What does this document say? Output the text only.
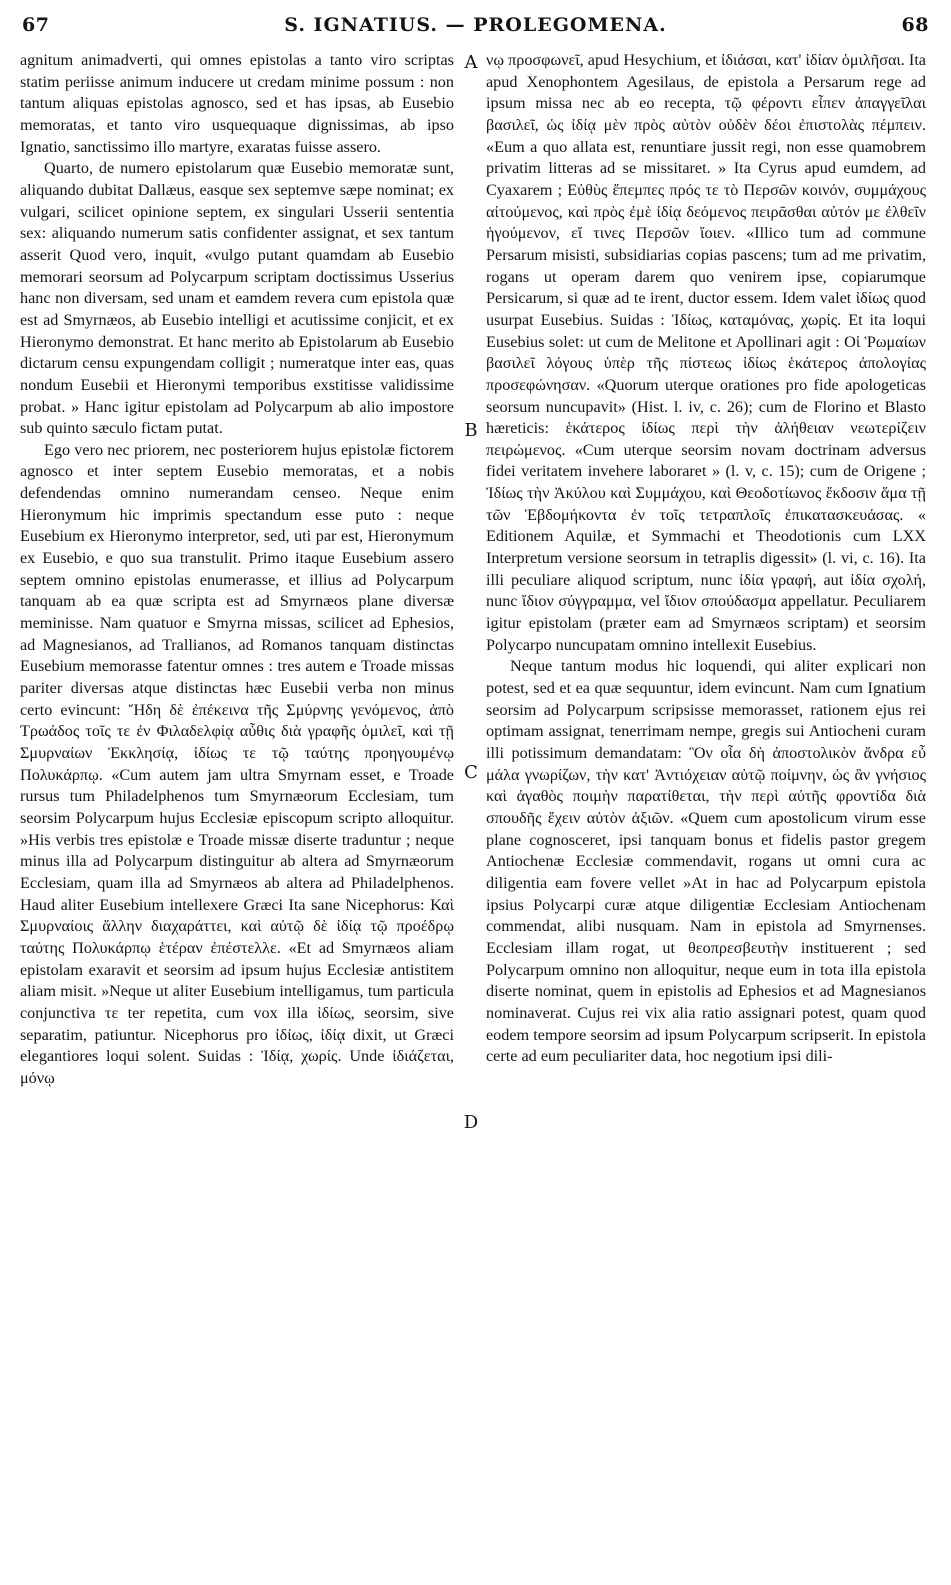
67	S. IGNATIUS. — PROLEGOMENA.	68

agnitum animadverti, qui omnes epistolas a tanto viro scriptas statim periisse animum inducere ut credam minime possum : non tantum aliquas epistolas agnosco, sed et has ipsas, ab Eusebio memoratas, et tanto viro usquequaque dignissimas, ab ipso Ignatio, sanctissimo illo martyre, exaratas fuisse assero.

Quarto, de numero epistolarum quæ Eusebio memoratæ sunt, aliquando dubitat Dallæus, easque sex septemve sæpe nominat; ex vulgari, scilicet opinione septem, ex singulari Usserii sententia sex: aliquando numerum satis confidenter assignat, et sex tantum asserit Quod vero, inquit, «vulgo putant quamdam ab Eusebio memorari seorsum ad Polycarpum scriptam doctissimus Usserius hanc non diversam, sed unam et eamdem revera cum epistola quæ est ad Smyrnæos, ab Eusebio intelligi et acutissime conjicit, et ex Hieronymo demonstrat. Et hanc merito ab Epistolarum ab Eusebio dictarum censu expungendam colligit ; numeratque inter eas, quas nondum Eusebii et Hieronymi temporibus exstitisse validissime probat. » Hanc igitur epistolam ad Polycarpum ab alio impostore sub quinto sæculo fictam putat.

Ego vero nec priorem, nec posteriorem hujus epistolæ fictorem agnosco et inter septem Eusebio memoratas, et a nobis defendendas omnino numerandam censeo. Neque enim Hieronymum hic imprimis spectandum esse puto : neque Eusebium ex Hieronymo interpretor, sed, uti par est, Hieronymum ex Eusebio, e quo sua transtulit. Primo itaque Eusebium assero septem omnino epistolas enumerasse, et illius ad Polycarpum tanquam ab ea quæ scripta est ad Smyrnæos plane diversæ meminisse. Nam quatuor e Smyrna missas, scilicet ad Ephesios, ad Magnesianos, ad Trallianos, ad Romanos tanquam distinctas Eusebium memorasse fatentur omnes : tres autem e Troade missas pariter diversas atque distinctas hæc Eusebii verba non minus certo evincunt: Ἤδη δὲ ἐπέκεινα τῆς Σμύρνης γενόμενος, ἀπὸ Τρωάδος τοῖς τε ἐν Φιλαδελφίᾳ αὖθις διὰ γραφῆς ὁμιλεῖ, καὶ τῇ Σμυρναίων Ἐκκλησίᾳ, ἰδίως τε τῷ ταύτης προηγουμένῳ Πολυκάρπῳ. «Cum autem jam ultra Smyrnam esset, e Troade rursus tum Philadelphenos tum Smyrnæorum Ecclesiam, tum seorsim Polycarpum hujus Ecclesiæ episcopum scripto alloquitur. »His verbis tres epistolæ e Troade missæ diserte traduntur ; neque minus illa ad Polycarpum distinguitur ab altera ad Smyrnæorum Ecclesiam, quam illa ad Smyrnæos ab altera ad Philadelphenos. Haud aliter Eusebium intellexere Græci Ita sane Nicephorus: Καὶ Σμυρναίοις ἄλλην διαχαράττει, καὶ αὐτῷ δὲ ἰδίᾳ τῷ προέδρῳ ταύτης Πολυκάρπῳ ἑτέραν ἐπέστελλε. «Et ad Smyrnæos aliam epistolam exaravit et seorsim ad ipsum hujus Ecclesiæ antistitem aliam misit. »Neque ut aliter Eusebium intelligamus, tum particula conjunctiva τε ter repetita, cum vox illa ἰδίως, seorsim, sive separatim, patiuntur. Nicephorus pro ἰδίως, ἰδίᾳ dixit, ut Græci elegantiores loqui solent. Suidas : Ἰδίᾳ, χωρίς. Unde ἰδιάζεται, μόνῳ

A
B
C
D

νῳ προσφωνεῖ, apud Hesychium, et ἰδιάσαι, κατ' ἰδίαν ὁμιλῆσαι. Ita apud Xenophontem Agesilaus, de epistola a Persarum rege ad ipsum missa nec ab eo recepta, τῷ φέροντι εἶπεν ἀπαγγεῖλαι βασιλεῖ, ὡς ἰδίᾳ μὲν πρὸς αὐτὸν οὐδὲν δέοι ἐπιστολὰς πέμπειν. «Eum a quo allata est, renuntiare jussit regi, non esse quamobrem privatim litteras ad se missitaret. » Ita Cyrus apud eumdem, ad Cyaxarem ; Εὐθὺς ἔπεμπες πρός τε τὸ Περσῶν κοινόν, συμμάχους αἰτούμενος, καὶ πρὸς ἐμὲ ἰδίᾳ δεόμενος πειρᾶσθαι αὐτόν με ἐλθεῖν ἡγούμενον, εἴ τινες Περσῶν ἴοιεν. «Illico tum ad commune Persarum misisti, subsidiarias copias pascens; tum ad me privatim, rogans ut operam darem quo venirem ipse, copiarumque Persicarum, si quæ ad te irent, ductor essem. Idem valet ἰδίως quod usurpat Eusebius. Suidas : Ἰδίως, καταμόνας, χωρίς. Et ita loqui Eusebius solet: ut cum de Melitone et Apollinari agit : Οἱ Ῥωμαίων βασιλεῖ λόγους ὑπὲρ τῆς πίστεως ἰδίως ἑκάτερος ἀπολογίας προσεφώνησαν. «Quorum uterque orationes pro fide apologeticas seorsum nuncupavit» (Hist. l. iv, c. 26); cum de Florino et Blasto hæreticis: ἑκάτερος ἰδίως περὶ τὴν ἀλήθειαν νεωτερίζειν πειρώμενος. «Cum uterque seorsim novam doctrinam adversus fidei veritatem invehere laboraret » (l. v, c. 15); cum de Origene ; Ἰδίως τὴν Ἀκύλου καὶ Συμμάχου, καὶ Θεοδοτίωνος ἔκδοσιν ἅμα τῇ τῶν Ἑβδομήκοντα ἐν τοῖς τετραπλοῖς ἐπικατασκευάσας. « Editionem Aquilæ, et Symmachi et Theodotionis cum LXX Interpretum versione seorsum in tetraplis digessit» (l. vi, c. 16). Ita illi peculiare aliquod scriptum, nunc ἰδία γραφή, aut ἰδία σχολή, nunc ἴδιον σύγγραμμα, vel ἴδιον σπούδασμα appellatur. Peculiarem igitur epistolam (præter eam ad Smyrnæos scriptam) et seorsim Polycarpo nuncupatam omnino intellexit Eusebius.

Neque tantum modus hic loquendi, qui aliter explicari non potest, sed et ea quæ sequuntur, idem evincunt. Nam cum Ignatium seorsim ad Polycarpum scripsisse memorasset, rationem ejus rei optimam assignat, tenerrimam nempe, gregis sui Antiocheni curam illi potissimum demandatam: Ὃν οἷα δὴ ἀποστολικὸν ἄνδρα εὖ μάλα γνωρίζων, τὴν κατ' Ἀντιόχειαν αὐτῷ ποίμνην, ὡς ἂν γνήσιος καὶ ἀγαθὸς ποιμὴν παρατίθεται, τὴν περὶ αὐτῆς φροντίδα διὰ σπουδῆς ἔχειν αὐτὸν ἀξιῶν. «Quem cum apostolicum virum esse plane cognosceret, ipsi tanquam bonus et fidelis pastor gregem Antiochenæ Ecclesiæ commendavit, rogans ut omni cura ac diligentia eam fovere vellet »At in hac ad Polycarpum epistola ipsius Polycarpi curæ atque diligentiæ Ecclesiam Antiochenam commendat, alibi nusquam. Nam in epistola ad Smyrnenses. Ecclesiam illam rogat, ut θεοπρεσβευτὴν instituerent ; sed Polycarpum omnino non alloquitur, neque eum in tota illa epistola diserte nominat, quem in epistolis ad Ephesios et ad Magnesianos nominaverat. Cujus rei vix alia ratio assignari potest, quam quod eodem tempore seorsim ad ipsum Polycarpum scripserit. In epistola certe ad eum peculiariter data, hoc negotium ipsi dili-
